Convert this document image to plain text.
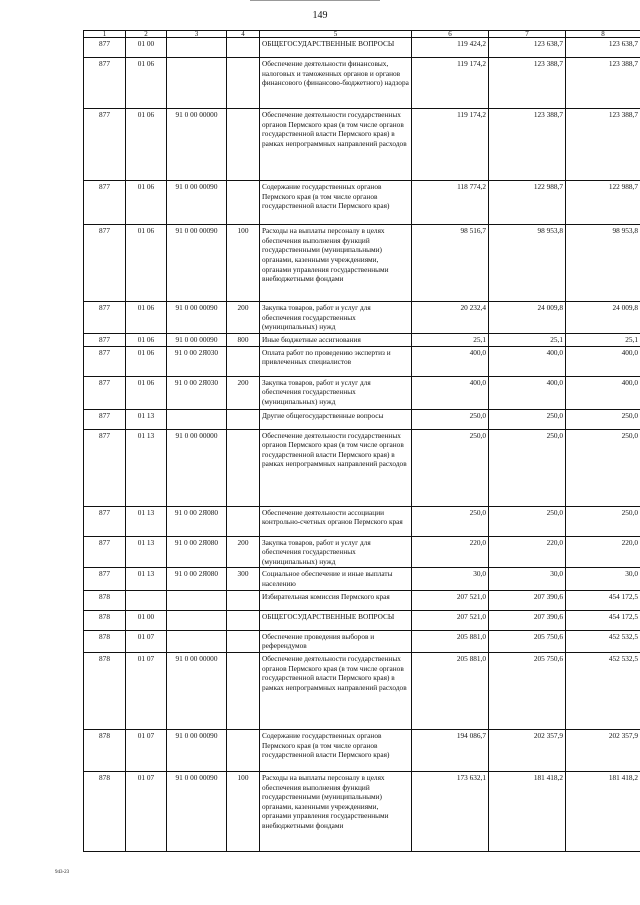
149
1	2	3	4	5	6	7	8
877	01 00			ОБЩЕГОСУДАРСТВЕННЫЕ ВОПРОСЫ	119 424,2	123 638,7	123 638,7
877	01 06			Обеспечение деятельности финансовых, налоговых и таможенных органов и органов финансового (финансово-бюджетного) надзора	119 174,2	123 388,7	123 388,7
877	01 06	91 0 00 00000		Обеспечение деятельности государственных органов Пермского края (в том числе органов государственной власти Пермского края) в рамках непрограммных направлений расходов	119 174,2	123 388,7	123 388,7
877	01 06	91 0 00 00090		Содержание государственных органов Пермского края (в том числе органов государственной власти Пермского края)	118 774,2	122 988,7	122 988,7
877	01 06	91 0 00 00090	100	Расходы на выплаты персоналу в целях обеспечения выполнения функций государственными (муниципальными) органами, казенными учреждениями, органами управления государственными внебюджетными фондами	98 516,7	98 953,8	98 953,8
877	01 06	91 0 00 00090	200	Закупка товаров, работ и услуг для обеспечения государственных (муниципальных) нужд	20 232,4	24 009,8	24 009,8
877	01 06	91 0 00 00090	800	Иные бюджетные ассигнования	25,1	25,1	25,1
877	01 06	91 0 00 2Я030		Оплата работ по проведению экспертиз и привлеченных специалистов	400,0	400,0	400,0
877	01 06	91 0 00 2Я030	200	Закупка товаров, работ и услуг для обеспечения государственных (муниципальных) нужд	400,0	400,0	400,0
877	01 13			Другие общегосударственные вопросы	250,0	250,0	250,0
877	01 13	91 0 00 00000		Обеспечение деятельности государственных органов Пермского края (в том числе органов государственной власти Пермского края) в рамках непрограммных направлений расходов	250,0	250,0	250,0
877	01 13	91 0 00 2Я080		Обеспечение деятельности ассоциации контрольно-счетных органов Пермского края	250,0	250,0	250,0
877	01 13	91 0 00 2Я080	200	Закупка товаров, работ и услуг для обеспечения государственных (муниципальных) нужд	220,0	220,0	220,0
877	01 13	91 0 00 2Я080	300	Социальное обеспечение и иные выплаты населению	30,0	30,0	30,0
878				Избирательная комиссия Пермского края	207 521,0	207 390,6	454 172,5
878	01 00			ОБЩЕГОСУДАРСТВЕННЫЕ ВОПРОСЫ	207 521,0	207 390,6	454 172,5
878	01 07			Обеспечение проведения выборов и референдумов	205 881,0	205 750,6	452 532,5
878	01 07	91 0 00 00000		Обеспечение деятельности государственных органов Пермского края (в том числе органов государственной власти Пермского края) в рамках непрограммных направлений расходов	205 881,0	205 750,6	452 532,5
878	01 07	91 0 00 00090		Содержание государственных органов Пермского края (в том числе органов государственной власти Пермского края)	194 086,7	202 357,9	202 357,9
878	01 07	91 0 00 00090	100	Расходы на выплаты персоналу в целях обеспечения выполнения функций государственными (муниципальными) органами, казенными учреждениями, органами управления государственными внебюджетными фондами	173 632,1	181 418,2	181 418,2
943-23
